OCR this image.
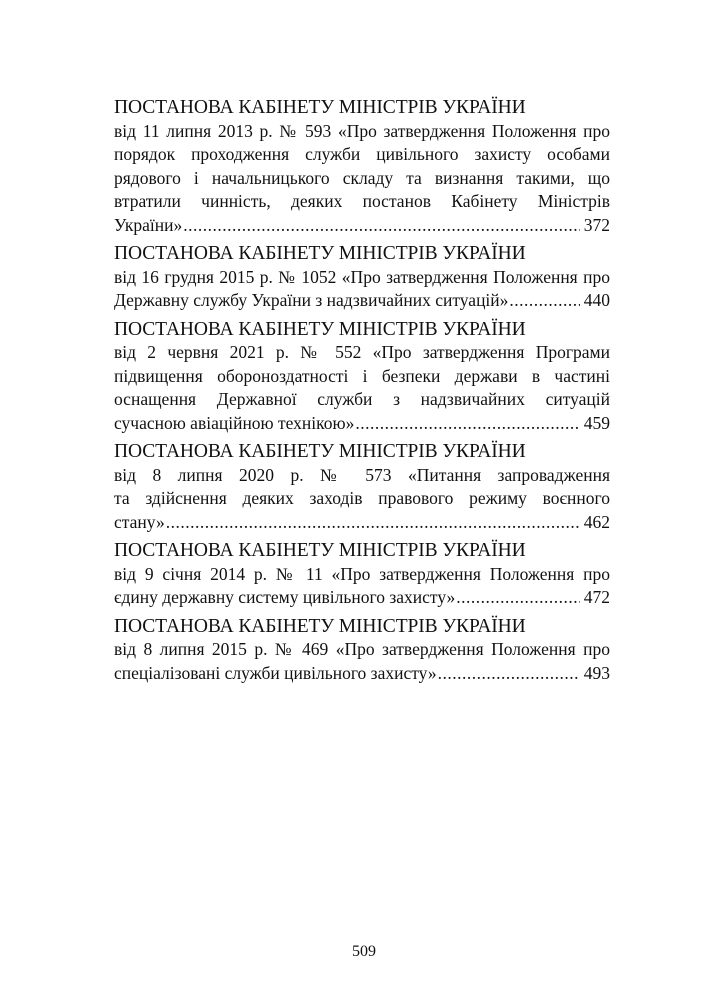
ПОСТАНОВА КАБІНЕТУ МІНІСТРІВ УКРАЇНИ
від 11 липня 2013 р. № 593 «Про затвердження Положення про
порядок проходження служби цивільного захисту особами
рядового і начальницького складу та визнання такими, що
втратили чинність, деяких постанов Кабінету Міністрів
України» .....	372
ПОСТАНОВА КАБІНЕТУ МІНІСТРІВ УКРАЇНИ
від 16 грудня 2015 р. № 1052 «Про затвердження Положення про
Державну службу України з надзвичайних ситуацій» .....	440
ПОСТАНОВА КАБІНЕТУ МІНІСТРІВ УКРАЇНИ
від 2 червня 2021 р. № 552 «Про затвердження Програми
підвищення обороноздатності і безпеки держави в частині
оснащення Державної служби з надзвичайних ситуацій
сучасною авіаційною технікою» .....	459
ПОСТАНОВА КАБІНЕТУ МІНІСТРІВ УКРАЇНИ
від 8 липня 2020 р. № 573 «Питання запровадження
та здійснення деяких заходів правового режиму воєнного
стану» .....	462
ПОСТАНОВА КАБІНЕТУ МІНІСТРІВ УКРАЇНИ
від 9 січня 2014 р. № 11 «Про затвердження Положення про
єдину державну систему цивільного захисту» .....	472
ПОСТАНОВА КАБІНЕТУ МІНІСТРІВ УКРАЇНИ
від 8 липня 2015 р. № 469 «Про затвердження Положення про
спеціалізовані служби цивільного захисту» .....	493
509
